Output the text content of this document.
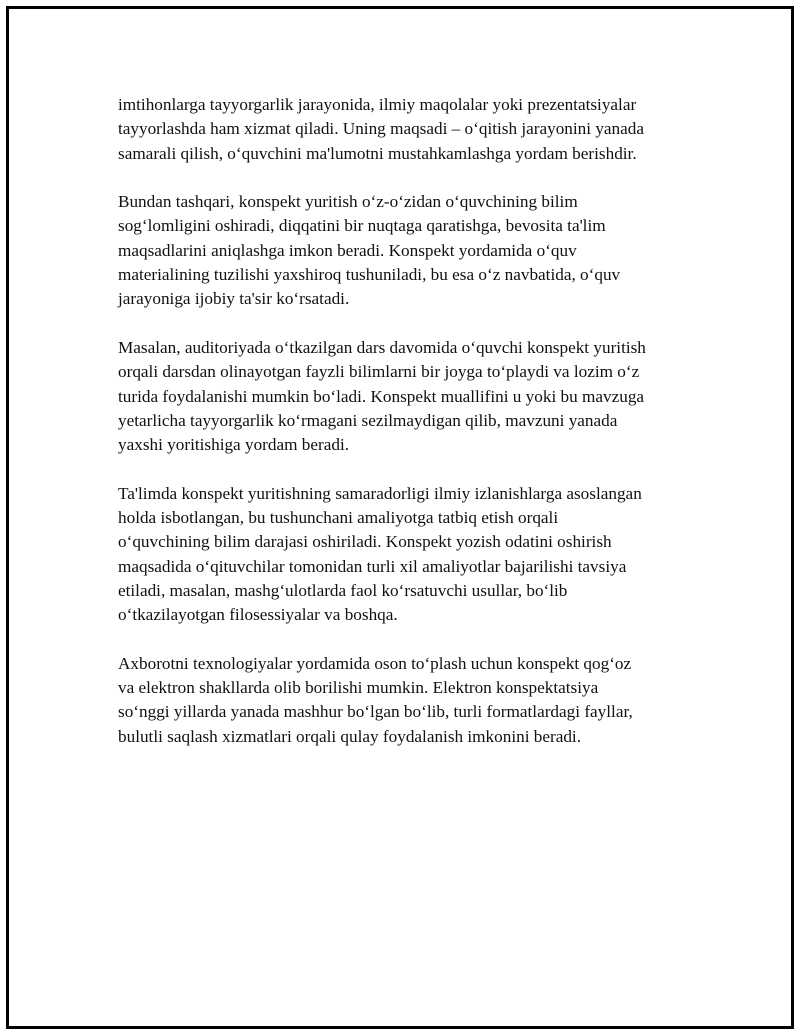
imtihonlarga tayyorgarlik jarayonida, ilmiy maqolalar yoki prezentatsiyalar
tayyorlashda ham xizmat qiladi. Uning maqsadi – o‘qitish jarayonini yanada
samarali qilish, o‘quvchini ma'lumotni mustahkamlashga yordam berishdir.

Bundan tashqari, konspekt yuritish o‘z-o‘zidan o‘quvchining bilim
sog‘lomligini oshiradi, diqqatini bir nuqtaga qaratishga, bevosita ta'lim
maqsadlarini aniqlashga imkon beradi. Konspekt yordamida o‘quv
materialining tuzilishi yaxshiroq tushuniladi, bu esa o‘z navbatida, o‘quv
jarayoniga ijobiy ta'sir ko‘rsatadi.

Masalan, auditoriyada o‘tkazilgan dars davomida o‘quvchi konspekt yuritish
orqali darsdan olinayotgan fayzli bilimlarni bir joyga to‘playdi va lozim o‘z
turida foydalanishi mumkin bo‘ladi. Konspekt muallifini u yoki bu mavzuga
yetarlicha tayyorgarlik ko‘rmagani sezilmaydigan qilib, mavzuni yanada
yaxshi yoritishiga yordam beradi.

Ta'limda konspekt yuritishning samaradorligi ilmiy izlanishlarga asoslangan
holda isbotlangan, bu tushunchani amaliyotga tatbiq etish orqali
o‘quvchining bilim darajasi oshiriladi. Konspekt yozish odatini oshirish
maqsadida o‘qituvchilar tomonidan turli xil amaliyotlar bajarilishi tavsiya
etiladi, masalan, mashg‘ulotlarda faol ko‘rsatuvchi usullar, bo‘lib
o‘tkazilayotgan filosessiyalar va boshqa.

Axborotni texnologiyalar yordamida oson to‘plash uchun konspekt qog‘oz
va elektron shakllarda olib borilishi mumkin. Elektron konspektatsiya
so‘nggi yillarda yanada mashhur bo‘lgan bo‘lib, turli formatlardagi fayllar,
bulutli saqlash xizmatlari orqali qulay foydalanish imkonini beradi.
